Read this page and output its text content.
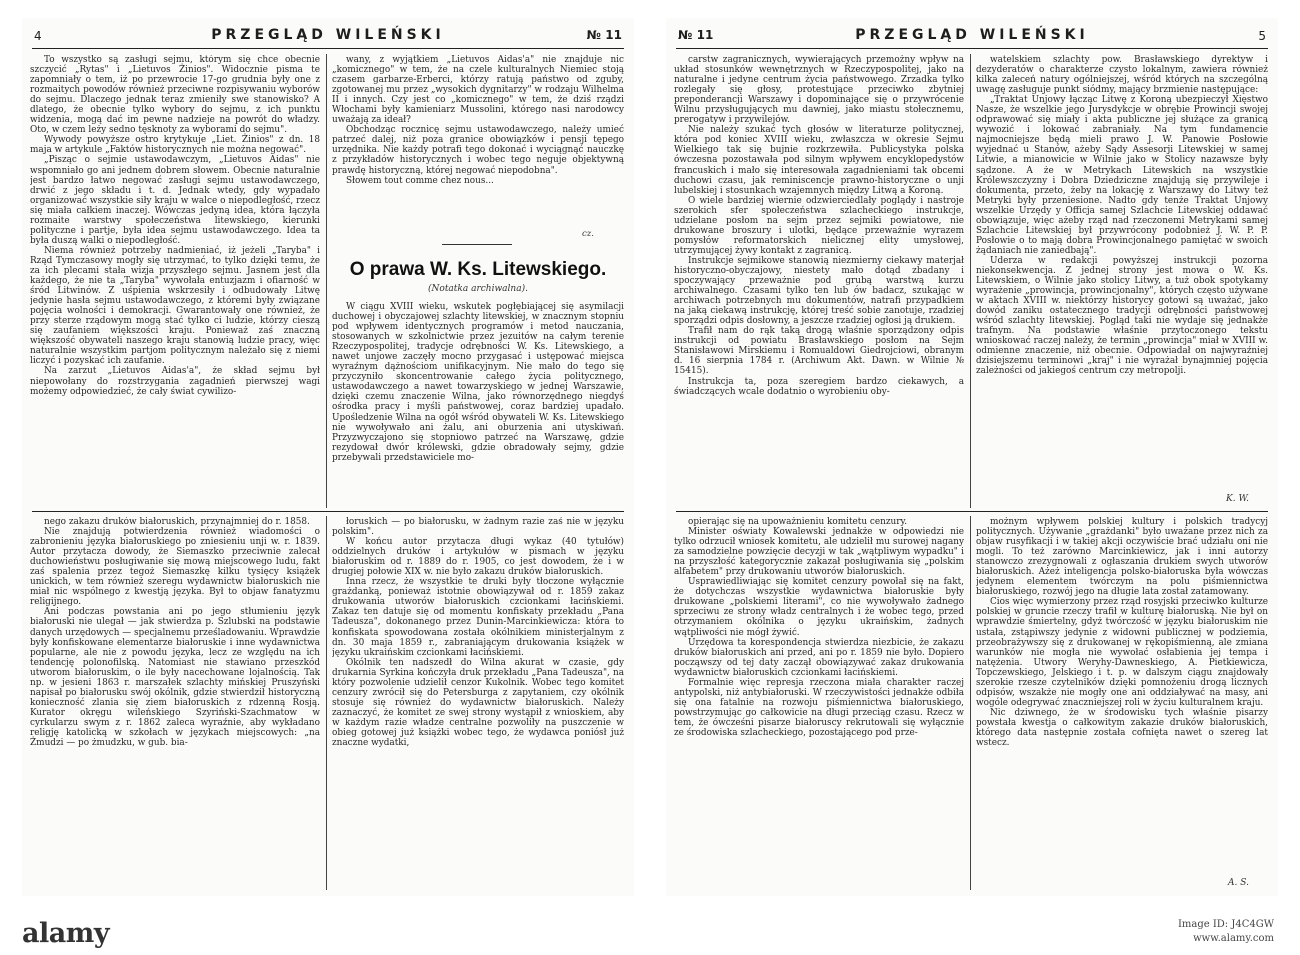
4	PRZEGLĄD WILEŃSKI	№ 11

To wszystko są zasługi sejmu, którym się chce obecnie szczycić „Rytas" i „Lietuvos Żinios". Widocznie pisma te zapomniały o tem, iż po przewrocie 17-go grudnia były one z rozmaitych powodów również przeciwne rozpisywaniu wyborów do sejmu. Dlaczego jednak teraz zmieniły swe stanowisko? A dlatego, że obecnie tylko wybory do sejmu, z ich punktu widzenia, mogą dać im pewne nadzieje na powrót do władzy. Oto, w czem leży sedno tęsknoty za wyborami do sejmu".

Wywody powyższe ostro krytykuje „Liet. Żinios" z dn. 18 maja w artykule „Faktów historycznych nie można negować".

„Pisząc o sejmie ustawodawczym, „Lietuvos Aidas" nie wspomniało go ani jednem dobrem słowem. Obecnie naturalnie jest bardzo łatwo negować zasługi sejmu ustawodawczego, drwić z jego składu i t. d. Jednak wtedy, gdy wypadało organizować wszystkie siły kraju w walce o niepodległość, rzecz się miała całkiem inaczej. Wówczas jedyną idea, która łączyła rozmaite warstwy społeczeństwa litewskiego, kierunki polityczne i partje, była idea sejmu ustawodawczego. Idea ta była duszą walki o niepodległość.

Niema również potrzeby nadmieniać, iż jeżeli „Taryba" i Rząd Tymczasowy mogły się utrzymać, to tylko dzięki temu, że za ich plecami stała wizja przyszłego sejmu. Jasnem jest dla każdego, że nie ta „Taryba" wywołała entuzjazm i ofiarność w śród Litwinów. Z uśpienia wskrzesiły i odbudowały Litwę jedynie hasła sejmu ustawodawczego, z któremi były związane pojęcia wolności i demokracji. Gwarantowały one również, że przy sterze rządowym mogą stać tylko ci ludzie, którzy cieszą się zaufaniem większości kraju. Ponieważ zaś znaczną większość obywateli naszego kraju stanowią ludzie pracy, więc naturalnie wszystkim partjom politycznym należało się z niemi liczyć i pozyskać ich zaufanie.

Na zarzut „Lietuvos Aidas'a", że skład sejmu był niepowołany do rozstrzygania zagadnień pierwszej wagi możemy odpowiedzieć, że cały świat cywilizo-

wany, z wyjątkiem „Lietuvos Aidas'a" nie znajduje nic „komicznego" w tem, że na czele kulturalnych Niemiec stoją czasem garbarze-Erberci, którzy ratują państwo od zguby, zgotowanej mu przez „wysokich dygnitarzy" w rodzaju Wilhelma II i innych. Czy jest co „komicznego" w tem, że dziś rządzi Włochami były kamieniarz Mussolini, którego nasi narodowcy uważają za ideał?

Obchodząc rocznicę sejmu ustawodawczego, należy umieć patrzeć dalej, niż poza granice obowiązków i pensji tępego urzędnika. Nie każdy potrafi tego dokonać i wyciągnąć nauczkę z przykładów historycznych i wobec tego neguje objektywną prawdę historyczną, której negować niepodobna".

Słowem tout comme chez nous...

cz.
O prawa W. Ks. Litewskiego.
(Notatka archiwalna).

W ciągu XVIII wieku, wskutek pogłębiającej się asymilacji duchowej i obyczajowej szlachty litewskiej, w znacznym stopniu pod wpływem identycznych programów i metod nauczania, stosowanych w szkolnictwie przez jezuitów na całym terenie Rzeczypospolitej, tradycje odrębności W. Ks. Litewskiego, a nawet unjowe zaczęły mocno przygasać i ustępować miejsca wyraźnym dążnościom unifikacyjnym. Nie mało do tego się przyczyniło skoncentrowanie całego życia politycznego, ustawodawczego a nawet towarzyskiego w jednej Warszawie, dzięki czemu znaczenie Wilna, jako równorzędnego niegdyś ośrodka pracy i myśli państwowej, coraz bardziej upadało. Upośledzenie Wilna na ogół wśród obywateli W. Ks. Litewskiego nie wywoływało ani żalu, ani oburzenia ani utyskiwań. Przyzwyczajono się stopniowo patrzeć na Warszawę, gdzie rezydował dwór królewski, gdzie obradowały sejmy, gdzie przebywali przedstawiciele mo-

nego zakazu druków białoruskich, przynajmniej do r. 1858.

Nie znajdują potwierdzenia również wiadomości o zabronieniu języka białoruskiego po zniesieniu unji w. r. 1839. Autor przytacza dowody, że Siemaszko przeciwnie zalecał duchowieństwu posługiwanie się mową miejscowego ludu, fakt zaś spalenia przez tegoż Siemaszkę kilku tysięcy książek unickich, w tem również szeregu wydawnictw białoruskich nie miał nic wspólnego z kwestją języka. Był to objaw fanatyzmu religijnego.

Ani podczas powstania ani po jego stłumieniu język białoruski nie ulegał — jak stwierdza p. Szlubski na podstawie danych urzędowych — specjalnemu prześladowaniu. Wprawdzie były konfiskowane elementarze białoruskie i inne wydawnictwa popularne, ale nie z powodu języka, lecz ze względu na ich tendencję polonofilską. Natomiast nie stawiano przeszkód utworom białoruskim, o ile były nacechowane lojalnością. Tak np. w jesieni 1863 r. marszałek szlachty mińskiej Pruszyński napisał po białorusku swój okólnik, gdzie stwierdził historyczną konieczność zlania się ziem białoruskich z rdzenną Rosją. Kurator okręgu wileńskiego Szyriński-Szachmatow w cyrkularzu swym z r. 1862 zaleca wyraźnie, aby wykładano religję katolicką w szkołach w językach miejscowych: „na Żmudzi — po żmudzku, w gub. bia-

łoruskich — po białorusku, w żadnym razie zaś nie w języku polskim".

W końcu autor przytacza długi wykaz (40 tytułów) oddzielnych druków i artykułów w pismach w języku białoruskim od r. 1889 do r. 1905, co jest dowodem, że i w drugiej połowie XIX w. nie było zakazu druków białoruskich.

Inna rzecz, że wszystkie te druki były tłoczone wyłącznie grażdanką, ponieważ istotnie obowiązywał od r. 1859 zakaz drukowania utworów białoruskich czcionkami łacińskiemi. Zakaz ten datuje się od momentu konfiskaty przekładu „Pana Tadeusza", dokonanego przez Dunin-Marcinkiewicza: która to konfiskata spowodowana została okólnikiem ministerjalnym z dn. 30 maja 1859 r., zabraniającym drukowania książek w języku ukraińskim czcionkami łacińskiemi.

Okólnik ten nadszedł do Wilna akurat w czasie, gdy drukarnia Syrkina kończyła druk przekładu „Pana Tadeusza", na który pozwolenie udzielił cenzor Kukolnik. Wobec tego komitet cenzury zwrócił się do Petersburga z zapytaniem, czy okólnik stosuje się również do wydawnictw białoruskich. Należy zaznaczyć, że komitet ze swej strony wystąpił z wnioskiem, aby w każdym razie władze centralne pozwoliły na puszczenie w obieg gotowej już książki wobec tego, że wydawca poniósł już znaczne wydatki,

№ 11	PRZEGLĄD WILEŃSKI	5

carstw zagranicznych, wywierających przemożny wpływ na układ stosunków wewnętrznych w Rzeczypospolitej, jako na naturalne i jedyne centrum życia państwowego. Zrzadka tylko rozlegały się głosy, protestujące przeciwko zbytniej preponderancji Warszawy i dopominające się o przywrócenie Wilnu przysługujących mu dawniej, jako miastu stołecznemu, prerogatyw i przywilejów.

Nie należy szukać tych głosów w literaturze politycznej, która pod koniec XVIII wieku, zwłaszcza w okresie Sejmu Wielkiego tak się bujnie rozkrzewiła. Publicystyka polska ówczesna pozostawała pod silnym wpływem encyklopedystów francuskich i mało się interesowała zagadnieniami tak obcemi duchowi czasu, jak reminiscencje prawno-historyczne o unji lubelskiej i stosunkach wzajemnych między Litwą a Koroną.

O wiele bardziej wiernie odzwierciedlały poglądy i nastroje szerokich sfer społeczeństwa szlacheckiego instrukcje, udzielane posłom na sejm przez sejmiki powiatowe, nie drukowane broszury i ulotki, będące przeważnie wyrazem pomysłów reformatorskich nielicznej elity umysłowej, utrzymującej żywy kontakt z zagranicą.

Instrukcje sejmikowe stanowią niezmierny ciekawy materjał historyczno-obyczajowy, niestety mało dotąd zbadany i spoczywający przeważnie pod grubą warstwą kurzu archiwalnego. Czasami tylko ten lub ów badacz, szukając w archiwach potrzebnych mu dokumentów, natrafi przypadkiem na jaką ciekawą instrukcję, której treść sobie zanotuje, rzadziej sporządzi odpis dosłowny, a jeszcze rzadziej ogłosi ją drukiem.

Trafił nam do rąk taką drogą właśnie sporządzony odpis instrukcji od powiatu Brasławskiego posłom na Sejm Stanisławowi Mirskiemu i Romualdowi Giedrojciowi, obranym d. 16 sierpnia 1784 r. (Archiwum Akt. Dawn. w Wilnie № 15415).

Instrukcja ta, poza szeregiem bardzo ciekawych, a świadczących wcale dodatnio o wyrobieniu oby-

watelskiem szlachty pow. Brasławskiego dyrektyw i dezyderatów o charakterze czysto lokalnym, zawiera również kilka zaleceń natury ogólniejszej, wśród których na szczególną uwagę zasługuje punkt siódmy, mający brzmienie następujące:

„Traktat Unjowy łącząc Litwę z Koroną ubezpieczył Xięstwo Nasze, że wszelkie jego Jurysdykcje w obrębie Prowincji swojej odprawować się miały i akta publiczne jej służące za granicą wywozić i lokować zabraniały. Na tym fundamencie najmocniejsze będą mieli prawo J. W. Panowie Posłowie wyjednać u Stanów, ażeby Sądy Assesorji Litewskiej w samej Litwie, a mianowicie w Wilnie jako w Stolicy nazawsze były sądzone. A że w Metrykach Litewskich na wszystkie Królewszczyzny i Dobra Dziedziczne znajdują się przywileje i dokumenta, przeto, żeby na lokację z Warszawy do Litwy też Metryki były przeniesione. Nadto gdy tenże Traktat Unjowy wszelkie Urzędy y Officja samej Szlachcie Litewskiej oddawać obowiązuje, więc ażeby rząd nad rzeczonemi Metrykami samej Szlachcie Litewskiej był przywrócony podobnież J. W. P. P. Posłowie o to mają dobra Prowincjonalnego pamiętać w swoich żądaniach nie zaniedbają".

Uderza w redakcji powyższej instrukcji pozorna niekonsekwencja. Z jednej strony jest mowa o W. Ks. Litewskiem, o Wilnie jako stolicy Litwy, a tuż obok spotykamy wyrażenie „prowincja, prowincjonalny", których często używane w aktach XVIII w. niektórzy historycy gotowi są uważać, jako dowód zaniku ostatecznego tradycji odrębności państwowej wśród szlachty litewskiej. Pogląd taki nie wydaje się jednakże trafnym. Na podstawie właśnie przytoczonego tekstu wnioskować raczej należy, że termin „prowincja" miał w XVIII w. odmienne znaczenie, niż obecnie. Odpowiadał on najwyraźniej dzisiejszemu terminowi „kraj" i nie wyrażał bynajmniej pojęcia zależności od jakiegoś centrum czy metropolji.

K. W.

opierając się na upoważnieniu komitetu cenzury.

Minister oświaty Kowalewski jednakże w odpowiedzi nie tylko odrzucił wniosek komitetu, ale udzielił mu surowej nagany za samodzielne powzięcie decyzji w tak „wątpliwym wypadku" i na przyszłość kategorycznie zakazał posługiwania się „polskim alfabetem" przy drukowaniu utworów białoruskich.

Usprawiedliwiając się komitet cenzury powołał się na fakt, że dotychczas wszystkie wydawnictwa białoruskie były drukowane „polskiemi literami", co nie wywoływało żadnego sprzeciwu ze strony władz centralnych i że wobec tego, przed otrzymaniem okólnika o języku ukraińskim, żadnych wątpliwości nie mógł żywić.

Urzędowa ta korespondencja stwierdza niezbicie, że zakazu druków białoruskich ani przed, ani po r. 1859 nie było. Dopiero począwszy od tej daty zaczął obowiązywać zakaz drukowania wydawnictw białoruskich czcionkami łacińskiemi.

Formalnie więc represja rzeczona miała charakter raczej antypolski, niż antybiałoruski. W rzeczywistości jednakże odbiła się ona fatalnie na rozwoju piśmiennictwa białoruskiego, powstrzymując go całkowicie na długi przeciąg czasu. Rzecz w tem, że ówcześni pisarze białoruscy rekrutowali się wyłącznie ze środowiska szlacheckiego, pozostającego pod prze-

możnym wpływem polskiej kultury i polskich tradycyj politycznych. Używanie „grażdanki" było uważane przez nich za objaw rusyfikacji i w takiej akcji oczywiście brać udziału oni nie mogli. To też zarówno Marcinkiewicz, jak i inni autorzy stanowczo zrezygnowali z ogłaszania drukiem swych utworów białoruskich. Ażeż inteligencja polsko-białoruska była wówczas jedynem elementem twórczym na polu piśmiennictwa białoruskiego, rozwój jego na długie lata został zatamowany.

Cios więc wymierzony przez rząd rosyjski przeciwko kulturze polskiej w gruncie rzeczy trafił w kulturę białoruską. Nie był on wprawdzie śmiertelny, gdyż twórczość w języku białoruskim nie ustała, zstąpiwszy jedynie z widowni publicznej w podziemia, przeobrażywszy się z drukowanej w rękopiśmienną, ale zmiana warunków nie mogła nie wywołać osłabienia jej tempa i natężenia. Utwory Weryhy-Dawneskiego, A. Pietkiewicza, Topczewskiego, Jelskiego i t. p. w dalszym ciągu znajdowały szerokie rzesze czytelników dzięki pomnożeniu drogą licznych odpisów, wszakże nie mogły one ani oddziaływać na masy, ani wogóle odegrywać znaczniejszej roli w życiu kulturalnem kraju.

Nic dziwnego, że w środowisku tych właśnie pisarzy powstała kwestja o całkowitym zakazie druków białoruskich, którego data następnie została cofnięta nawet o szereg lat wstecz.

A. S.
alamy	Image ID: J4C4GW
www.alamy.com
